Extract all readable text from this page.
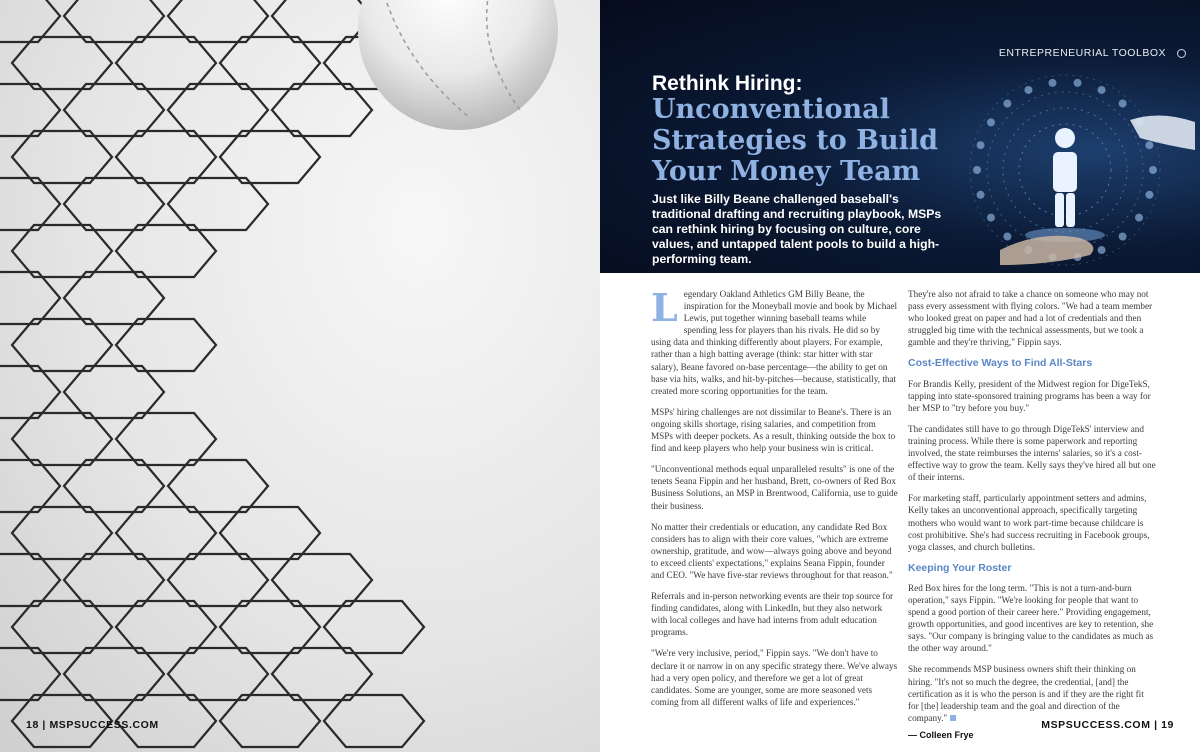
18 | MSPSUCCESS.COM
ENTREPRENEURIAL TOOLBOX
Rethink Hiring:
Unconventional Strategies to Build Your Money Team
Just like Billy Beane challenged baseball's traditional drafting and recruiting playbook, MSPs can rethink hiring by focusing on culture, core values, and untapped talent pools to build a high-performing team.

Legendary Oakland Athletics GM Billy Beane, the inspiration for the Moneyball movie and book by Michael Lewis, put together winning baseball teams while spending less for players than his rivals. He did so by using data and thinking differently about players. For example, rather than a high batting average (think: star hitter with star salary), Beane favored on-base percentage—the ability to get on base via hits, walks, and hit-by-pitches—because, statistically, that created more scoring opportunities for the team.

MSPs' hiring challenges are not dissimilar to Beane's. There is an ongoing skills shortage, rising salaries, and competition from MSPs with deeper pockets. As a result, thinking outside the box to find and keep players who help your business win is critical.

"Unconventional methods equal unparalleled results" is one of the tenets Seana Fippin and her husband, Brett, co-owners of Red Box Business Solutions, an MSP in Brentwood, California, use to guide their business.

No matter their credentials or education, any candidate Red Box considers has to align with their core values, "which are extreme ownership, gratitude, and wow—always going above and beyond to exceed clients' expectations," explains Seana Fippin, founder and CEO. "We have five-star reviews throughout for that reason."

Referrals and in-person networking events are their top source for finding candidates, along with LinkedIn, but they also network with local colleges and have had interns from adult education programs.

"We're very inclusive, period," Fippin says. "We don't have to declare it or narrow in on any specific strategy there. We've always had a very open policy, and therefore we get a lot of great candidates. Some are younger, some are more seasoned vets coming from all different walks of life and experiences."

They're also not afraid to take a chance on someone who may not pass every assessment with flying colors. "We had a team member who looked great on paper and had a lot of credentials and then struggled big time with the technical assessments, but we took a gamble and they're thriving," Fippin says.

Cost-Effective Ways to Find All-Stars

For Brandis Kelly, president of the Midwest region for DigeTekS, tapping into state-sponsored training programs has been a way for her MSP to "try before you buy."

The candidates still have to go through DigeTekS' interview and training process. While there is some paperwork and reporting involved, the state reimburses the interns' salaries, so it's a cost-effective way to grow the team. Kelly says they've hired all but one of their interns.

For marketing staff, particularly appointment setters and admins, Kelly takes an unconventional approach, specifically targeting mothers who would want to work part-time because childcare is cost prohibitive. She's had success recruiting in Facebook groups, yoga classes, and church bulletins.

Keeping Your Roster

Red Box hires for the long term. "This is not a turn-and-burn operation," says Fippin. "We're looking for people that want to spend a good portion of their career here." Providing engagement, growth opportunities, and good incentives are key to retention, she says. "Our company is bringing value to the candidates as much as the other way around."

She recommends MSP business owners shift their thinking on hiring. "It's not so much the degree, the credential, [and] the certification as it is who the person is and if they are the right fit for [the] leadership team and the goal and direction of the company."

— Colleen Frye
MSPSUCCESS.COM | 19
